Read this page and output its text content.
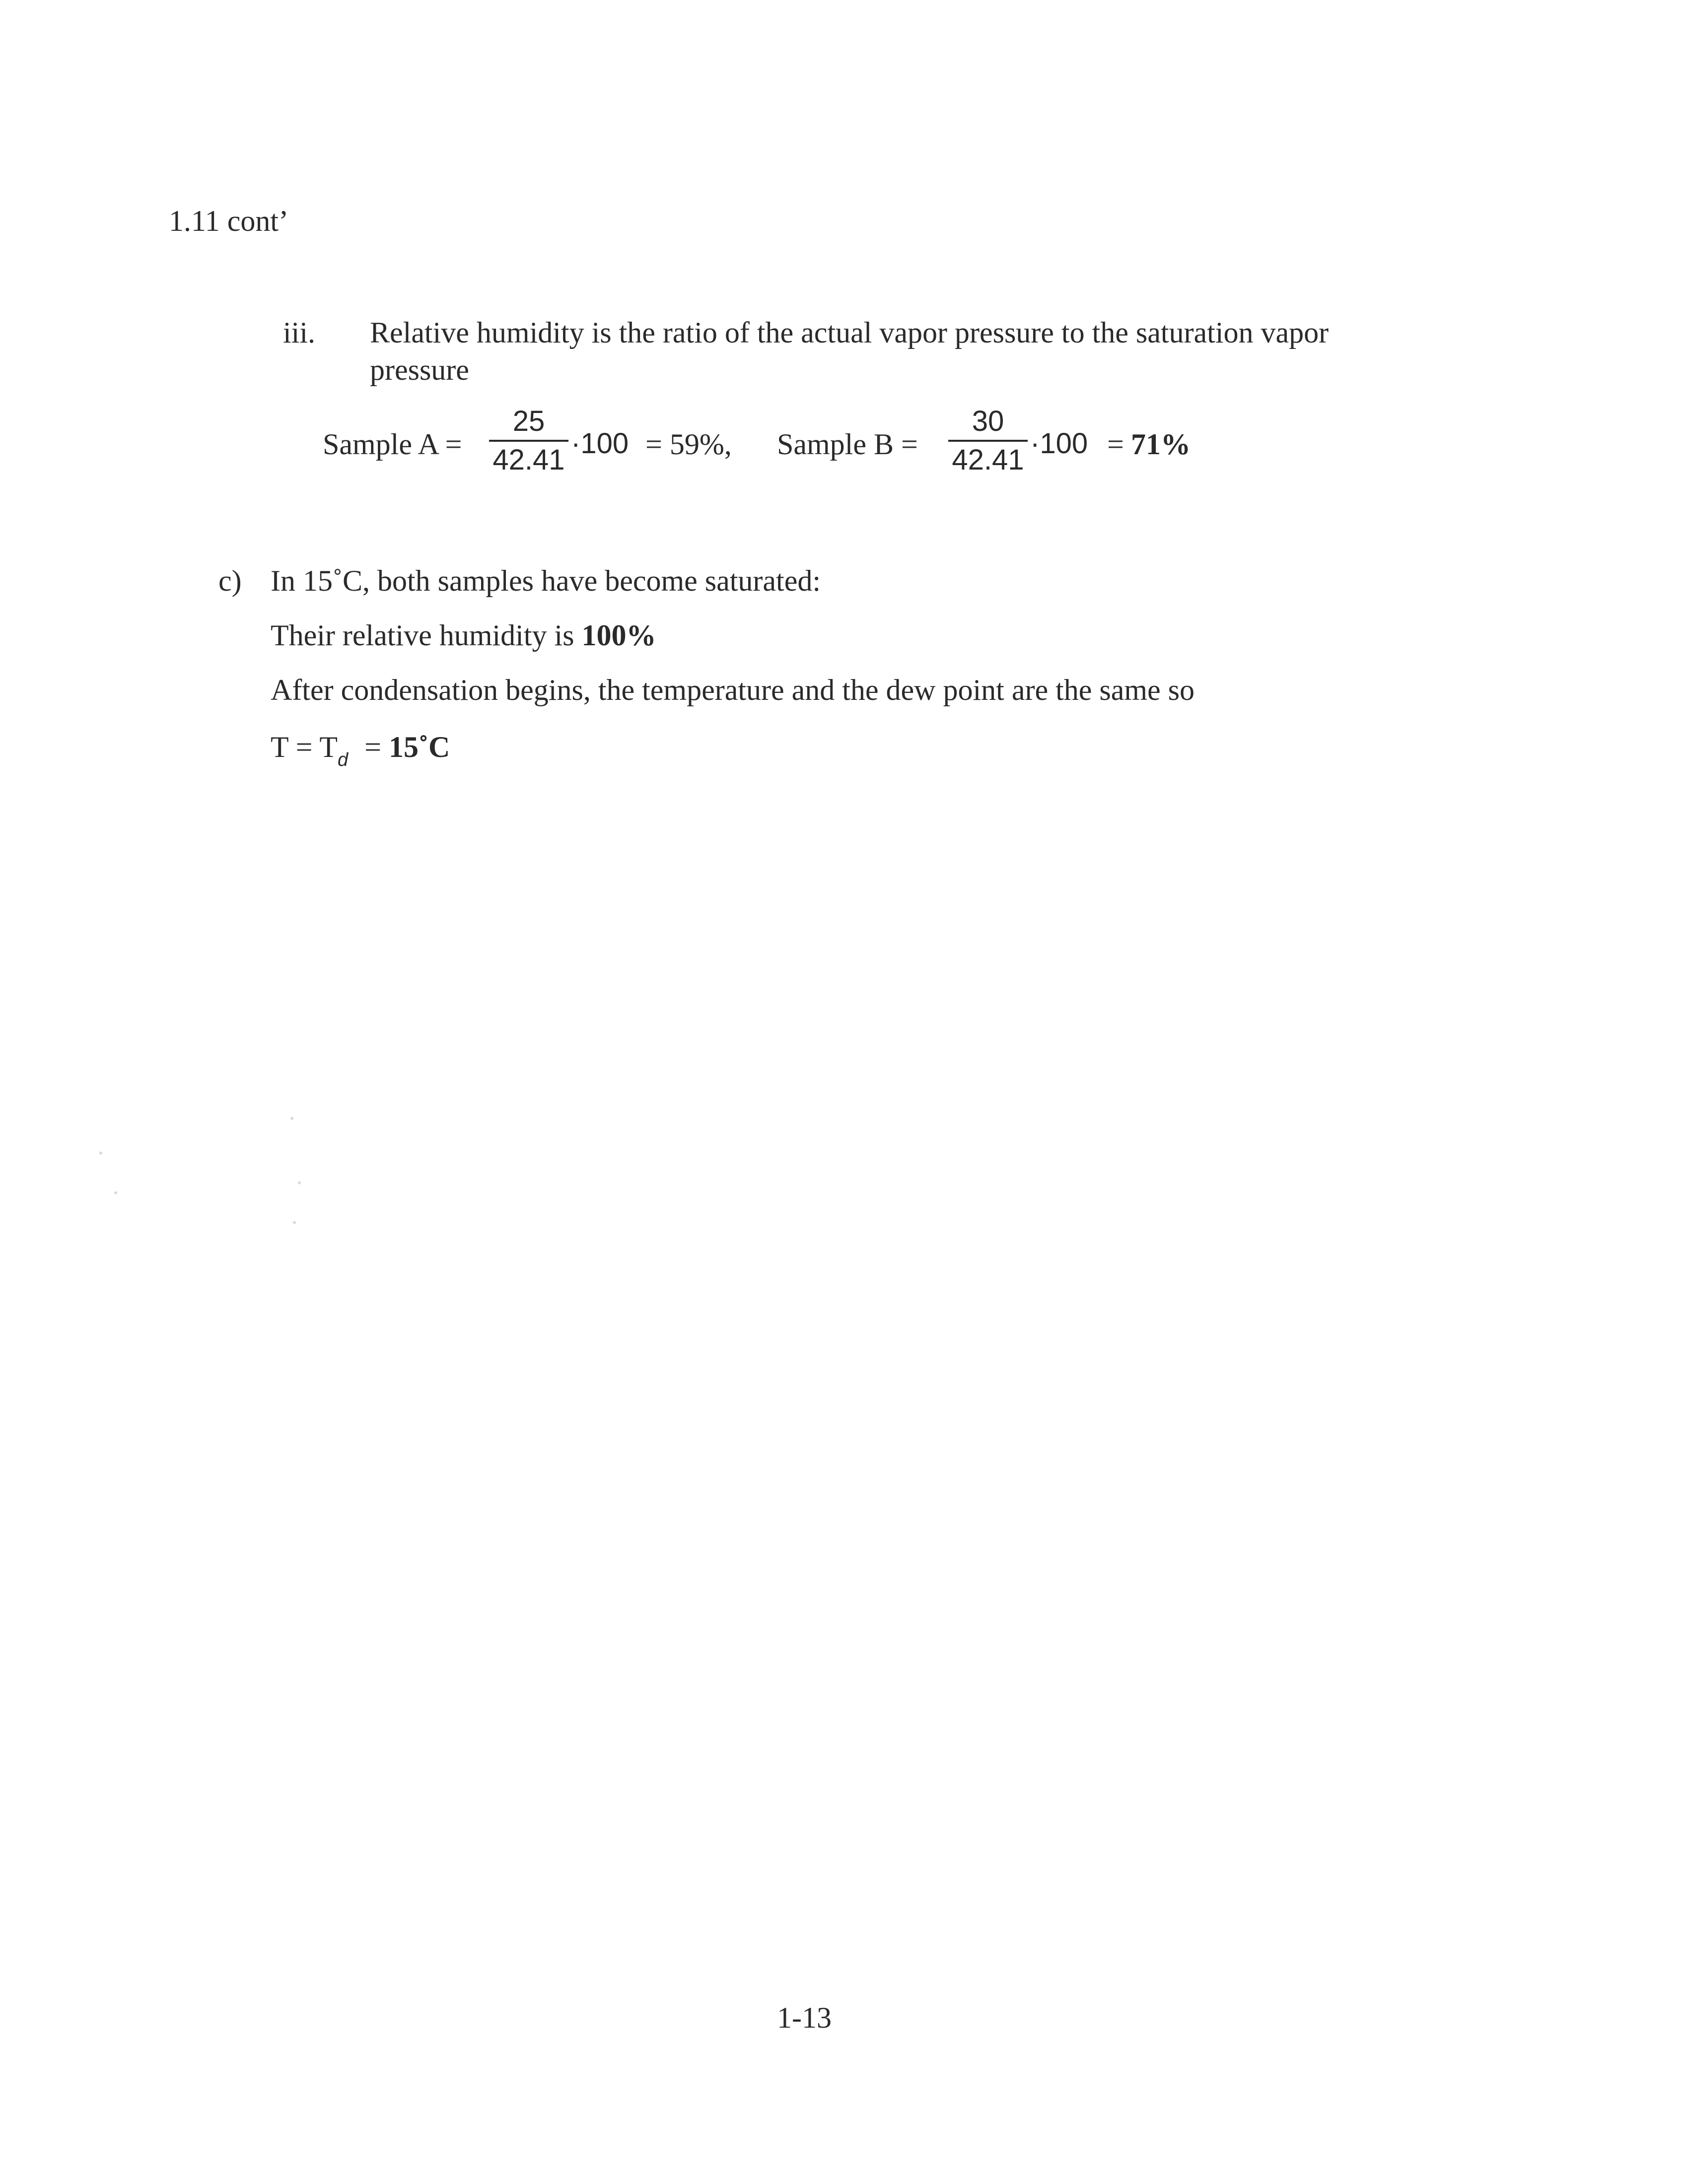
1.11 cont’
iii. Relative humidity is the ratio of the actual vapor pressure to the saturation vapor
pressure
Sample A =
25
42.41
·100 = 59%, Sample B =
30
42.41
·100 = 71%
c) In 15˚C, both samples have become saturated:
Their relative humidity is 100%
After condensation begins, the temperature and the dew point are the same so
$T = T_d$ = 15˚C
1-13
